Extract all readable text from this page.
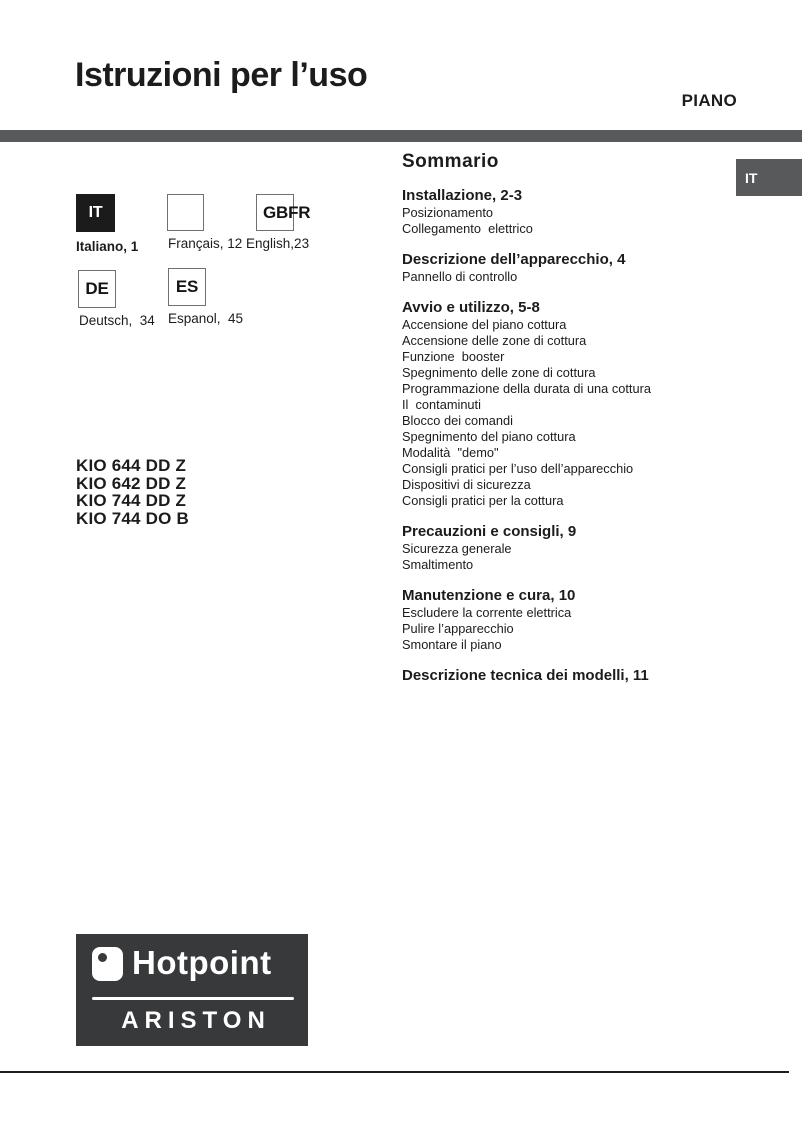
Istruzioni per l’uso
PIANO
IT
IT	GBFR
Italiano, 1 Français, 12 English,23
DE	ES
Deutsch,  34 Espanol,  45
KIO 644 DD Z
KIO 642 DD Z
KIO 744 DD Z
KIO 744 DO B
Sommario
Installazione, 2-3
Posizionamento
Collegamento  elettrico
Descrizione dell’apparecchio, 4
Pannello di controllo
Avvio e utilizzo, 5-8
Accensione del piano cottura
Accensione delle zone di cottura
Funzione  booster
Spegnimento delle zone di cottura
Programmazione della durata di una cottura
Il  contaminuti
Blocco dei comandi
Spegnimento del piano cottura
Modalità  "demo"
Consigli pratici per l’uso dell’apparecchio
Dispositivi di sicurezza
Consigli pratici per la cottura
Precauzioni e consigli, 9
Sicurezza generale
Smaltimento
Manutenzione e cura, 10
Escludere la corrente elettrica
Pulire l’apparecchio
Smontare il piano
Descrizione tecnica dei modelli, 11
Hotpoint
ARISTON
